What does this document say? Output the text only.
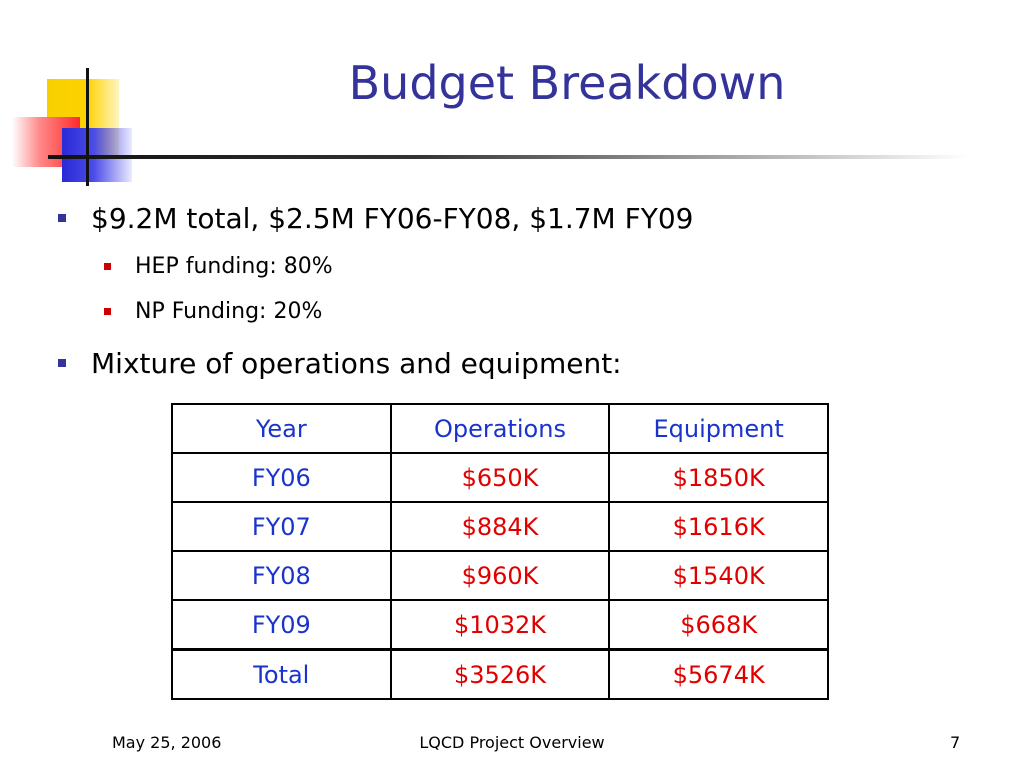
Budget Breakdown
$9.2M total, $2.5M FY06-FY08, $1.7M FY09
HEP funding: 80%
NP Funding: 20%
Mixture of operations and equipment:
Year	Operations	Equipment
FY06	$650K	$1850K
FY07	$884K	$1616K
FY08	$960K	$1540K
FY09	$1032K	$668K
Total	$3526K	$5674K
May 25, 2006	LQCD Project Overview	7
